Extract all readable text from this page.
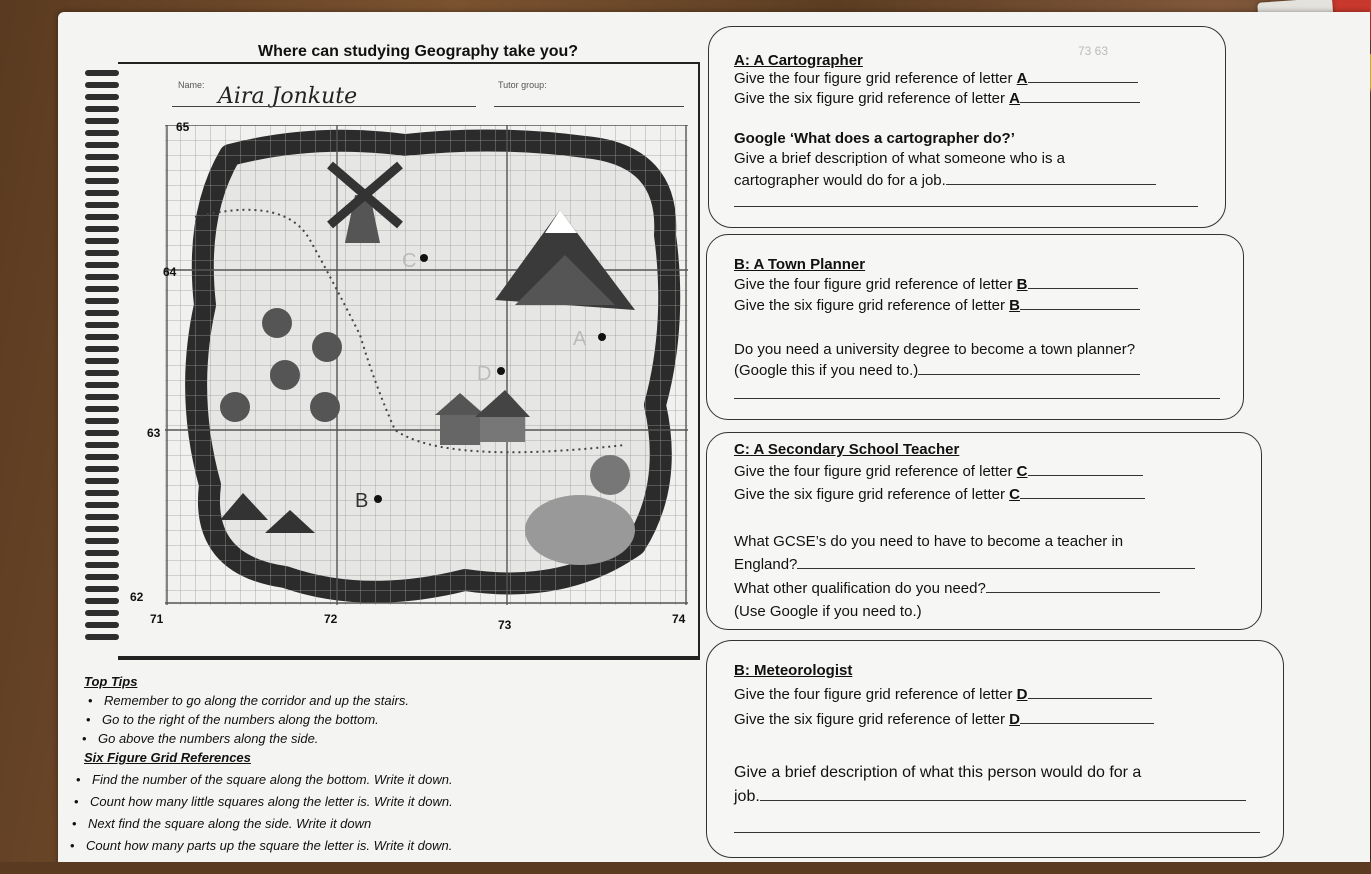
Where can studying Geography take you?
Name: Aira Jonkute	Tutor group:
A
B
C
D
65
64
63
62
71	72	73	74
Top Tips
• Remember to go along the corridor and up the stairs.
• Go to the right of the numbers along the bottom.
• Go above the numbers along the side.
Six Figure Grid References
• Find the number of the square along the bottom. Write it down.
• Count how many little squares along the letter is. Write it down.
• Next find the square along the side. Write it down
• Count how many parts up the square the letter is. Write it down.
73 63
A: A Cartographer
Give the four figure grid reference of letter A
Give the six figure grid reference of letter A
Google ‘What does a cartographer do?’
Give a brief description of what someone who is a
cartographer would do for a job.
B: A Town Planner
Give the four figure grid reference of letter B
Give the six figure grid reference of letter B
Do you need a university degree to become a town planner?
(Google this if you need to.)
C: A Secondary School Teacher
Give the four figure grid reference of letter C
Give the six figure grid reference of letter C
What GCSE’s do you need to have to become a teacher in
England?
What other qualification do you need?
(Use Google if you need to.)
B: Meteorologist
Give the four figure grid reference of letter D
Give the six figure grid reference of letter D
Give a brief description of what this person would do for a
job.
